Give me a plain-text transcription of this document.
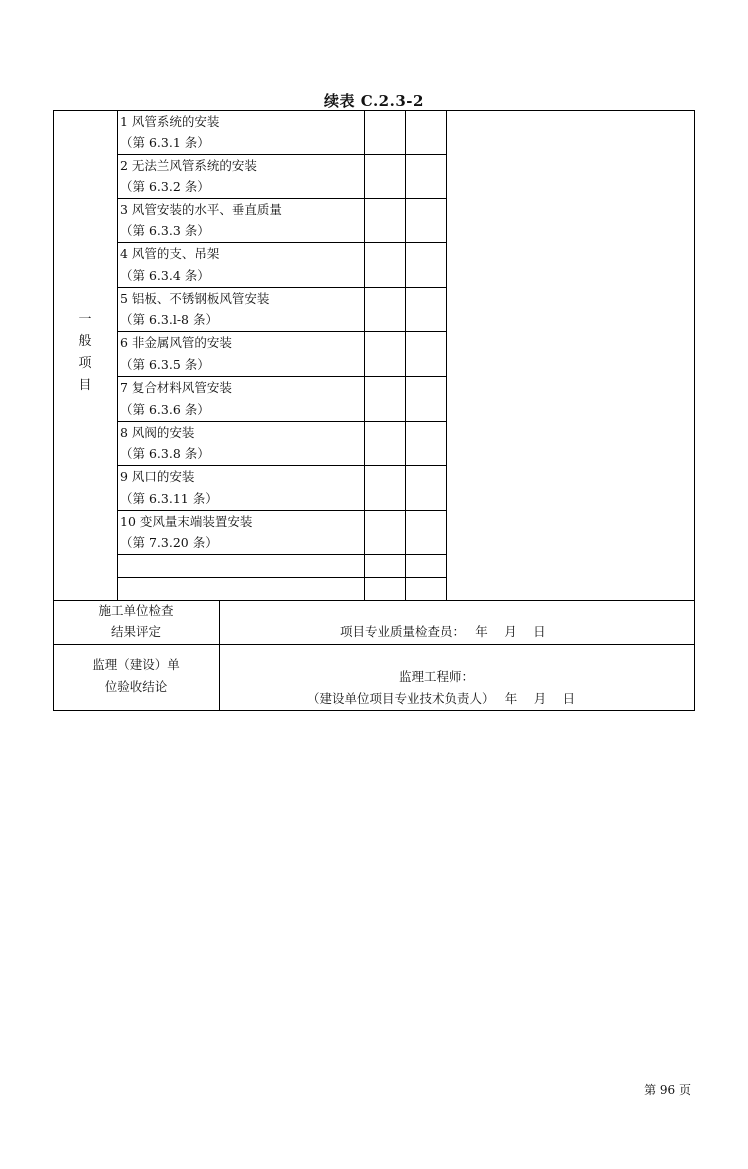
续表 C.2.3-2
一
般
项
目
1 风管系统的安装
（第 6.3.1 条）
2 无法兰风管系统的安装
（第 6.3.2 条）
3 风管安装的水平、垂直质量
（第 6.3.3 条）
4 风管的支、吊架
（第 6.3.4 条）
5 铝板、不锈钢板风管安装
（第 6.3.l-8 条）
6 非金属风管的安装
（第 6.3.5 条）
7 复合材料风管安装
（第 6.3.6 条）
8 风阀的安装
（第 6.3.8 条）
9 风口的安装
（第 6.3.11 条）
10 变风量末端装置安装
（第 7.3.20 条）
施工单位检查
结果评定	项目专业质量检查员：　 年　 月　 日
监理（建设）单
位验收结论
监理工程师：
（建设单位项目专业技术负责人）　 年　 月　 日
第 96 页
